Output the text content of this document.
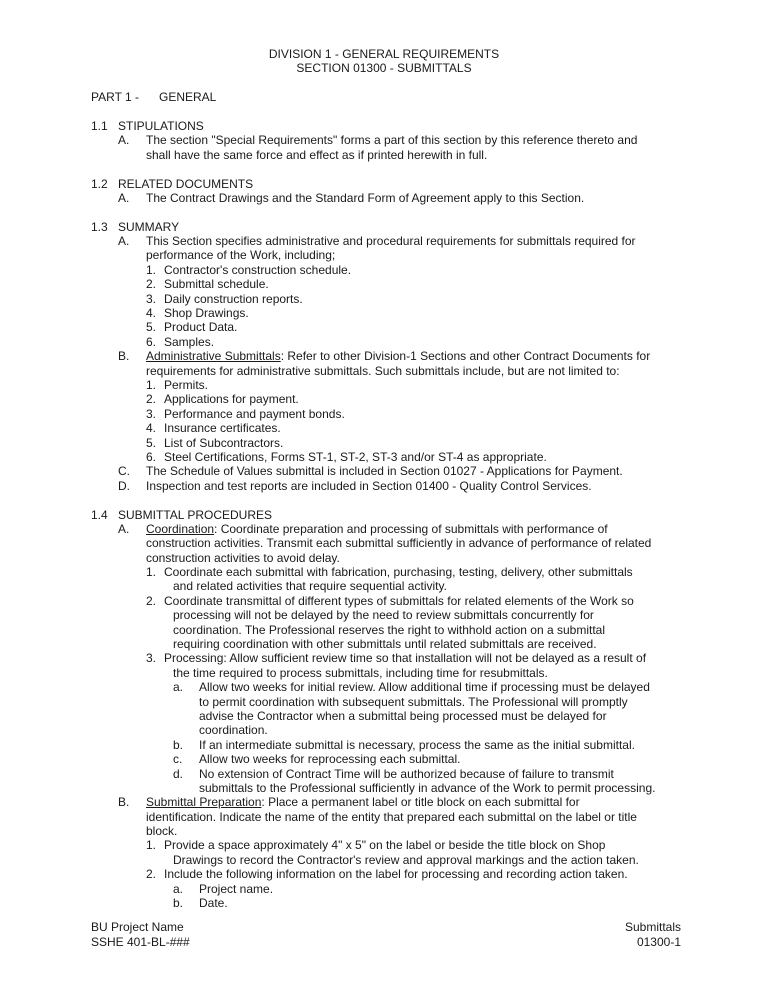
DIVISION 1 - GENERAL REQUIREMENTS
SECTION 01300 - SUBMITTALS
PART 1 - GENERAL
1.1 STIPULATIONS
A. The section "Special Requirements" forms a part of this section by this reference thereto and
shall have the same force and effect as if printed herewith in full.
1.2 RELATED DOCUMENTS
A. The Contract Drawings and the Standard Form of Agreement apply to this Section.
1.3 SUMMARY
A. This Section specifies administrative and procedural requirements for submittals required for
performance of the Work, including;
1. Contractor's construction schedule.
2. Submittal schedule.
3. Daily construction reports.
4. Shop Drawings.
5. Product Data.
6. Samples.
B. Administrative Submittals: Refer to other Division-1 Sections and other Contract Documents for
requirements for administrative submittals. Such submittals include, but are not limited to:
1. Permits.
2. Applications for payment.
3. Performance and payment bonds.
4. Insurance certificates.
5. List of Subcontractors.
6. Steel Certifications, Forms ST-1, ST-2, ST-3 and/or ST-4 as appropriate.
C. The Schedule of Values submittal is included in Section 01027 - Applications for Payment.
D. Inspection and test reports are included in Section 01400 - Quality Control Services.
1.4 SUBMITTAL PROCEDURES
A. Coordination: Coordinate preparation and processing of submittals with performance of
construction activities. Transmit each submittal sufficiently in advance of performance of related
construction activities to avoid delay.
1. Coordinate each submittal with fabrication, purchasing, testing, delivery, other submittals
and related activities that require sequential activity.
2. Coordinate transmittal of different types of submittals for related elements of the Work so
processing will not be delayed by the need to review submittals concurrently for
coordination. The Professional reserves the right to withhold action on a submittal
requiring coordination with other submittals until related submittals are received.
3. Processing: Allow sufficient review time so that installation will not be delayed as a result of
the time required to process submittals, including time for resubmittals.
a. Allow two weeks for initial review. Allow additional time if processing must be delayed
to permit coordination with subsequent submittals. The Professional will promptly
advise the Contractor when a submittal being processed must be delayed for
coordination.
b. If an intermediate submittal is necessary, process the same as the initial submittal.
c. Allow two weeks for reprocessing each submittal.
d. No extension of Contract Time will be authorized because of failure to transmit
submittals to the Professional sufficiently in advance of the Work to permit processing.
B. Submittal Preparation: Place a permanent label or title block on each submittal for
identification. Indicate the name of the entity that prepared each submittal on the label or title
block.
1. Provide a space approximately 4" x 5" on the label or beside the title block on Shop
Drawings to record the Contractor's review and approval markings and the action taken.
2. Include the following information on the label for processing and recording action taken.
a. Project name.
b. Date.
BU Project Name
SSHE 401-BL-###
Submittals
01300-1
